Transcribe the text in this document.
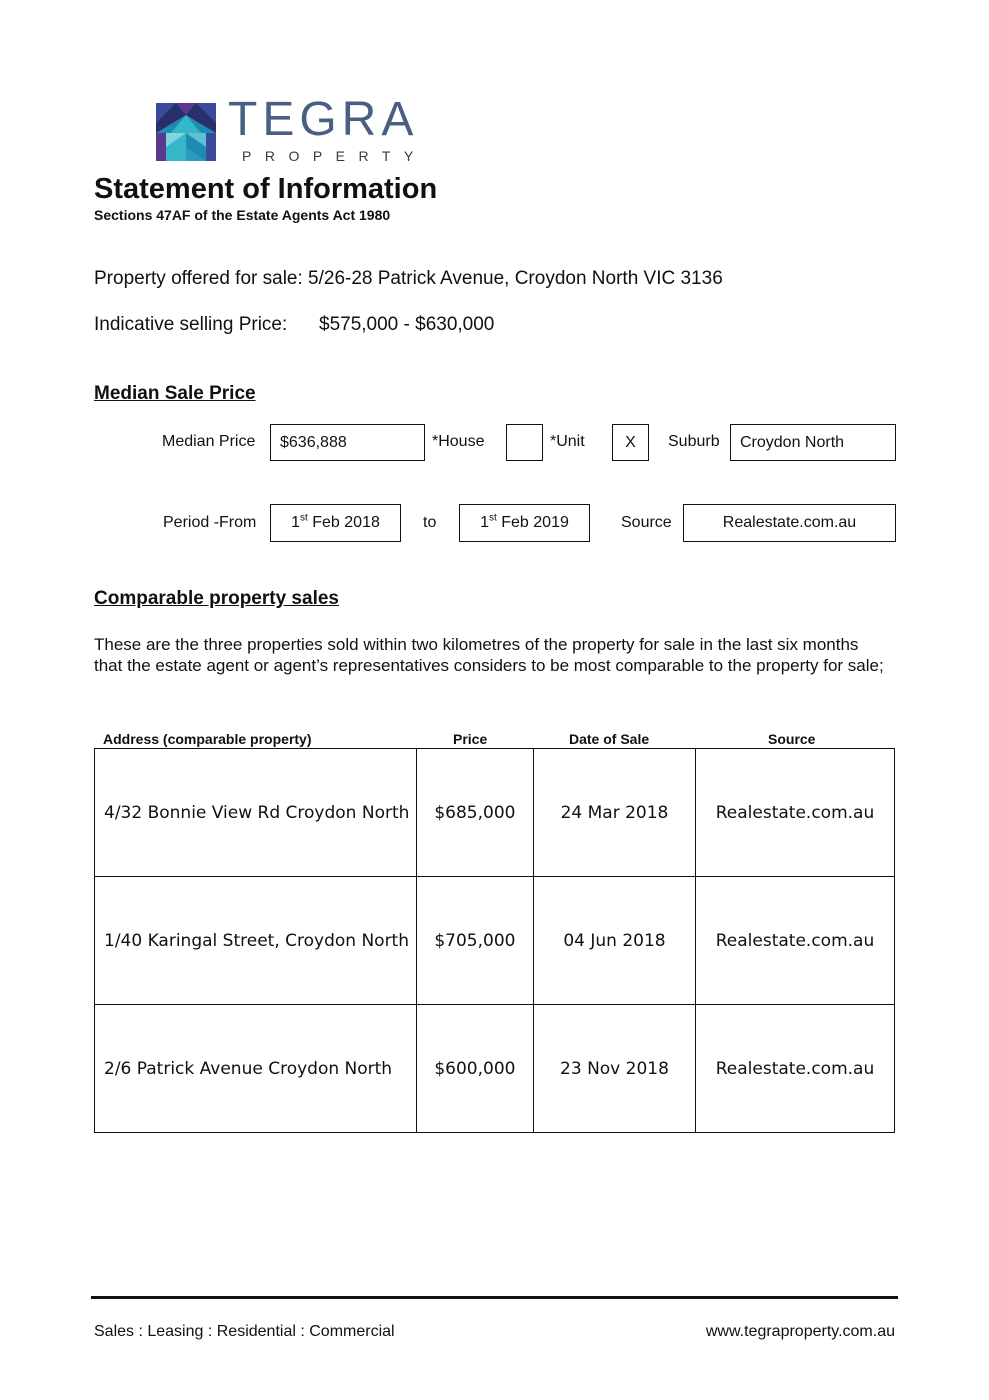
TEGRA
PROPERTY
Statement of Information
Sections 47AF of the Estate Agents Act 1980
Property offered for sale: 5/26-28 Patrick Avenue, Croydon North VIC 3136
Indicative selling Price: $575,000 - $630,000
Median Sale Price
Median Price $636,888	*House	*Unit	X Suburb Croydon North
Period -From 1st Feb 2018	to	1st Feb 2019	Source	Realestate.com.au
Comparable property sales
These are the three properties sold within two kilometres of the property for sale in the last six months that the estate agent or agent’s representatives considers to be most comparable to the property for sale;
Address (comparable property)	Price	Date of Sale	Source
4/32 Bonnie View Rd Croydon North	$685,000	24 Mar 2018	Realestate.com.au
1/40 Karingal Street, Croydon North	$705,000	04 Jun 2018	Realestate.com.au
2/6 Patrick Avenue Croydon North	$600,000	23 Nov 2018	Realestate.com.au
Sales : Leasing : Residential : Commercial	www.tegraproperty.com.au
